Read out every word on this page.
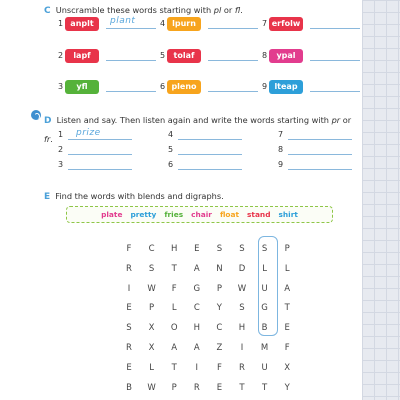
C Unscramble these words starting with pl or fl.
1 anplt	plant
2	lapf
3	yfl
4 lpurn
5	tolaf
6 pleno
7 erfolw
8	ypal
9 lteap
D Listen and say. Then listen again and write the words starting with pr or fr. 1 prize
2
3
4
5
6
7
8
9
E Find the words with blends and digraphs.
plate pretty fries chair float stand shirt
F	C	H	E	S	S	S	P
R	S	T	A	N	D	L	L
I	W	F	G	P	W	U	A
E	P	L	C	Y	S	G	T
S	X	O	H	C	H	B	E
R	X	A	A	Z	I	M	F
E	L	T	I	F	R	U	X
B	W	P	R	E	T	T	Y
